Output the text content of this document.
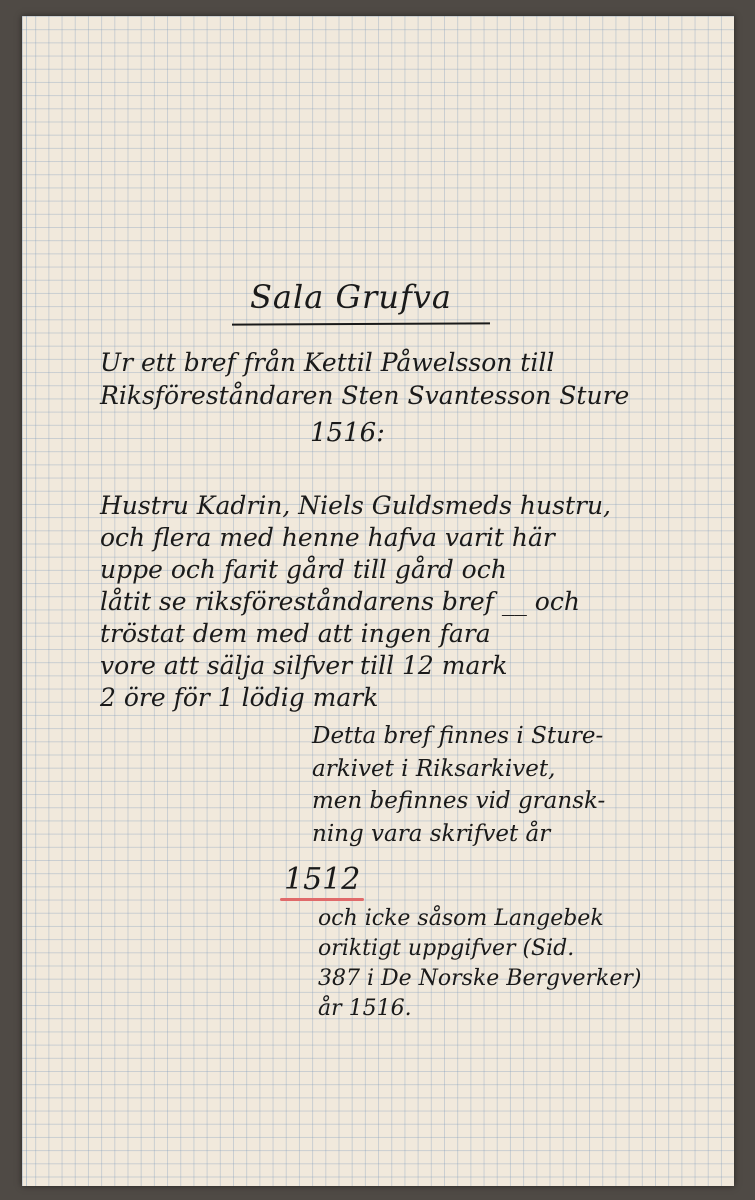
Sala Grufva

Ur ett bref från Kettil Påwelsson till
Riksföreståndaren Sten Svantesson Sture

1516:

Hustru Kadrin, Niels Guldsmeds hustru,
och flera med henne hafva varit här
uppe och farit gård till gård och
låtit se riksföreståndarens bref __ och
tröstat dem med att ingen fara
vore att sälja silfver till 12 mark
2 öre för 1 lödig mark
Detta bref finnes i Sture-
arkivet i Riksarkivet,
men befinnes vid gransk-
ning vara skrifvet år

1512

och icke såsom Langebek
oriktigt uppgifver (Sid.
387 i De Norske Bergverker)
år 1516.
